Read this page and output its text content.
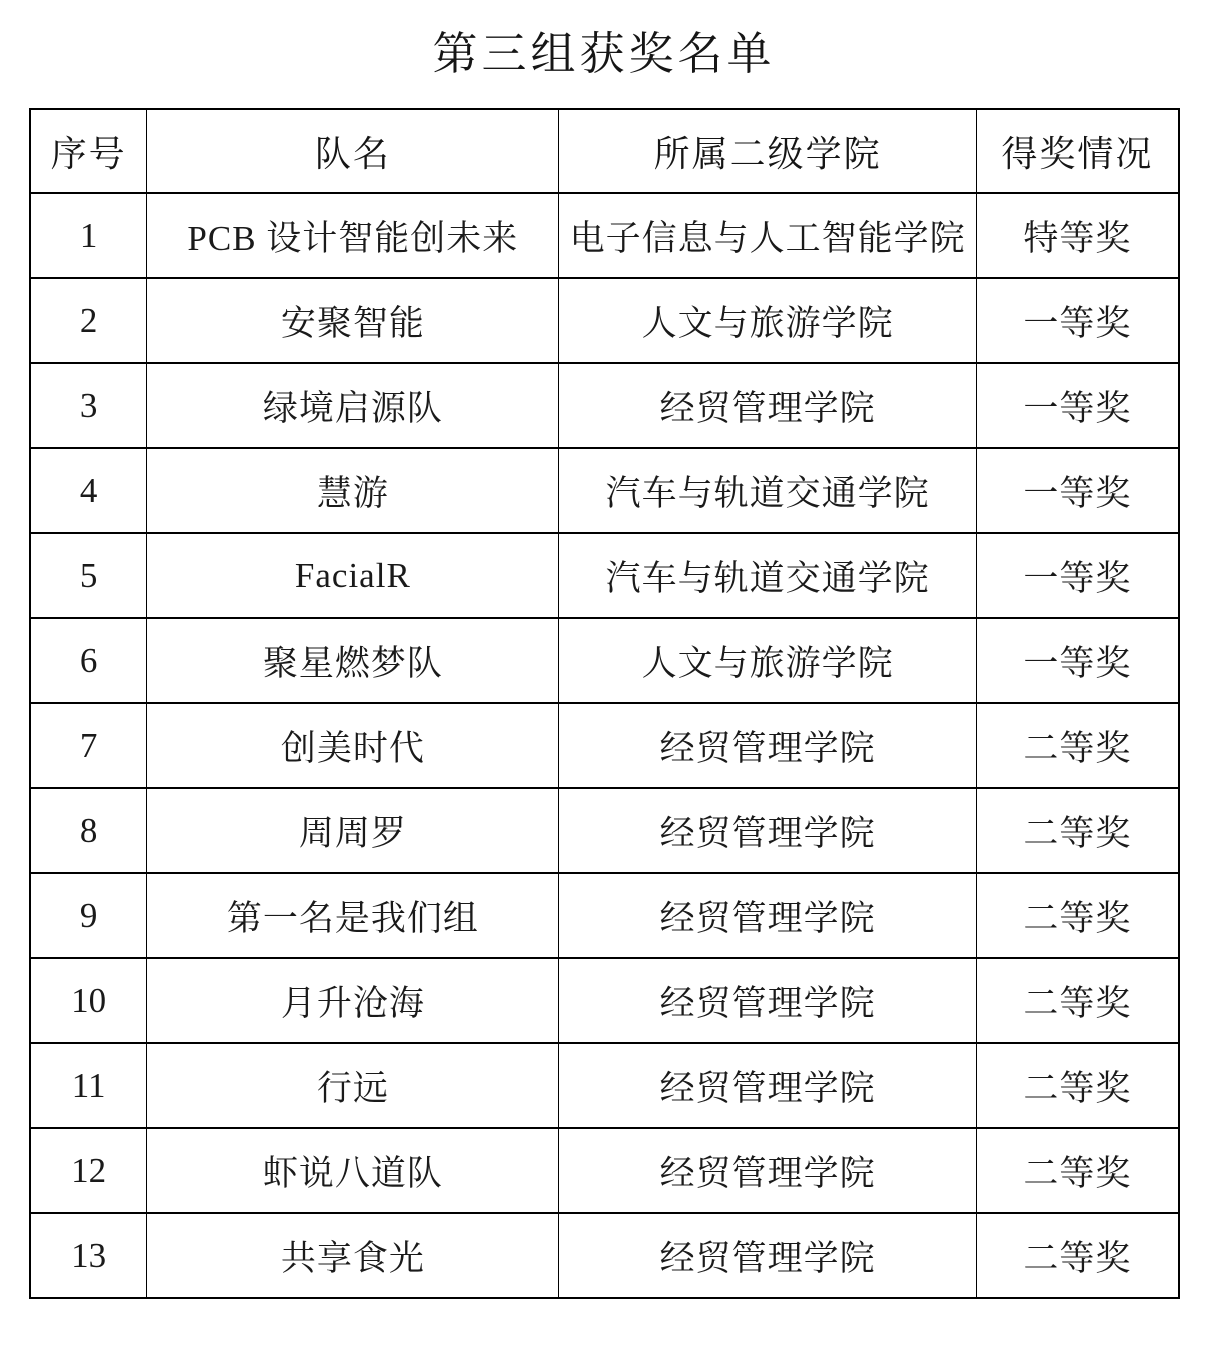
第三组获奖名单
序号	队名	所属二级学院	得奖情况
1	PCB 设计智能创未来	电子信息与人工智能学院	特等奖
2	安聚智能	人文与旅游学院	一等奖
3	绿境启源队	经贸管理学院	一等奖
4	慧游	汽车与轨道交通学院	一等奖
5	FacialR	汽车与轨道交通学院	一等奖
6	聚星燃梦队	人文与旅游学院	一等奖
7	创美时代	经贸管理学院	二等奖
8	周周罗	经贸管理学院	二等奖
9	第一名是我们组	经贸管理学院	二等奖
10	月升沧海	经贸管理学院	二等奖
11	行远	经贸管理学院	二等奖
12	虾说八道队	经贸管理学院	二等奖
13	共享食光	经贸管理学院	二等奖
